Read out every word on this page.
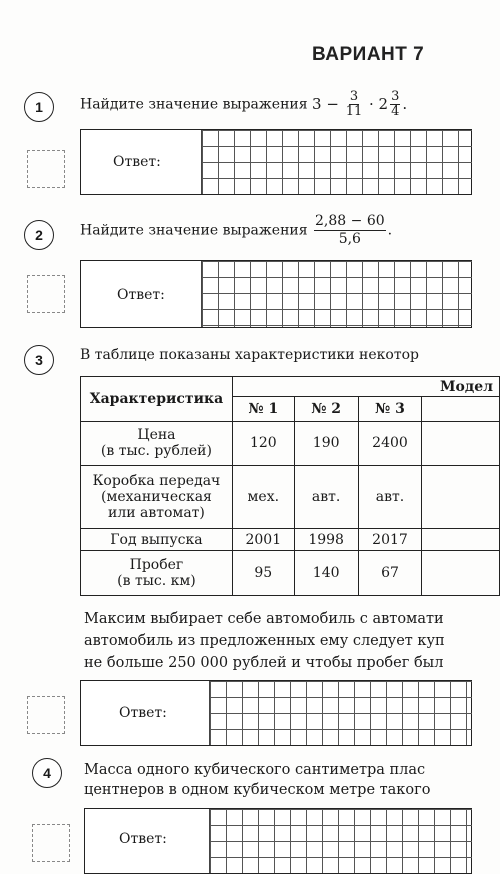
ВАРИАНТ 7
1	Найдите значение выражения $3 - \frac{3}{11} \cdot 2 \frac{3}{4}$ .
Ответ:
2	Найдите значение выражения $\frac{2,88 - 60}{5,6}$ .
Ответ:
3	В таблице показаны характеристики некотор
Характеристика	Модел			
	№ 1	№ 2	№ 3	

Цена
(в тыс. рублей)	120	190	2400	

Коробка передач
(механическая
или автомат)	мех.	авт.	авт.	
Год выпуска	2001	1998	2017	

Пробег
(в тыс. км)	95	140	67	
Максим выбирает себе автомобиль с автомати
автомобиль из предложенных ему следует куп
не больше 250 000 рублей и чтобы пробег был
Ответ:
4	Масса одного кубического сантиметра плас
центнеров в одном кубическом метре такого
Ответ:
